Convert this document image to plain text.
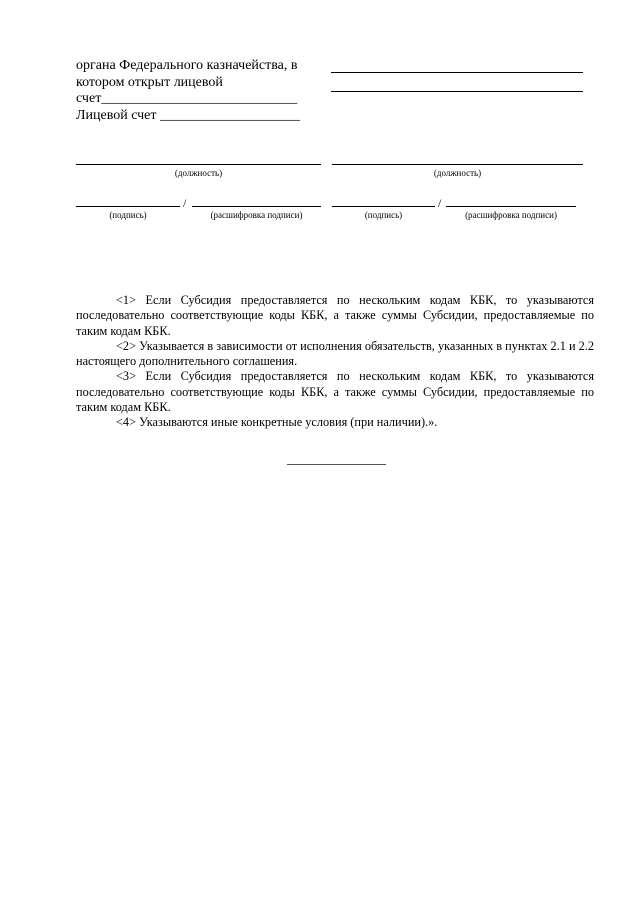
органа Федерального казначейства, в
котором открыт лицевой
счет____________________________
Лицевой счет ____________________
(должность)	(должность)
/
(подпись)	(расшифровка подписи)
/
(подпись)	(расшифровка подписи)

<1> Если Субсидия предоставляется по нескольким кодам КБК, то указываются последовательно соответствующие коды КБК, а также суммы Субсидии, предоставляемые по таким кодам КБК.

<2> Указывается в зависимости от исполнения обязательств, указанных в пунктах 2.1 и 2.2 настоящего дополнительного соглашения.

<3> Если Субсидия предоставляется по нескольким кодам КБК, то указываются последовательно соответствующие коды КБК, а также суммы Субсидии, предоставляемые по таким кодам КБК.

<4> Указываются иные конкретные условия (при наличии).».
